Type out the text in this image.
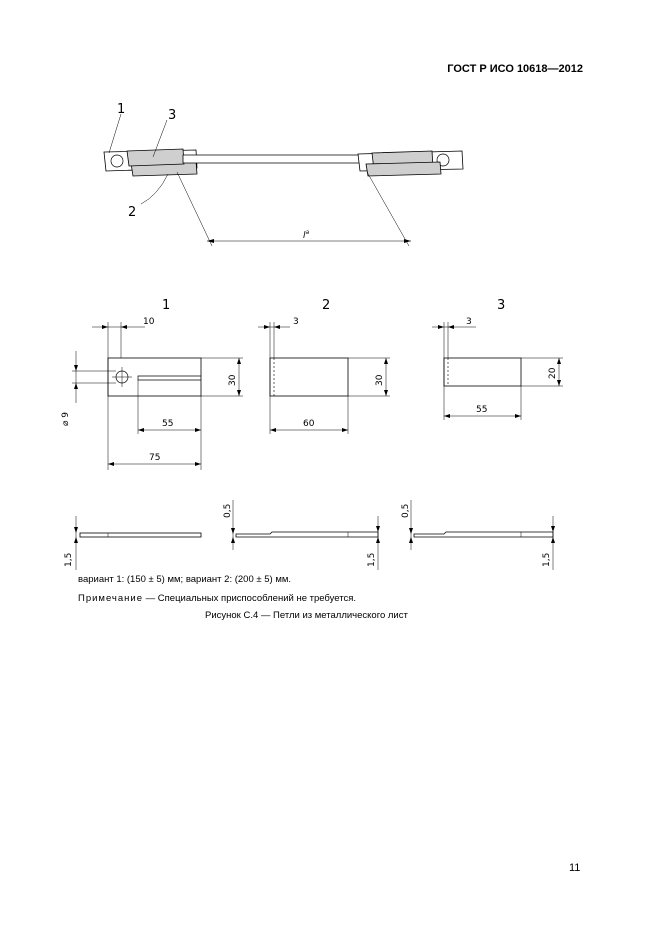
ГОСТ Р ИСО 10618—2012
1	3
2
$l^a$
1	2	3
10
⌀ 9
30
55
75
3
30
60
3
20
55
1,5
0,5
1,5
0,5
1,5
вариант 1: (150 ± 5) мм; вариант 2: (200 ± 5) мм.
Примечание — Специальных приспособлений не требуется.
Рисунок С.4 — Петли из металлического лист
11
